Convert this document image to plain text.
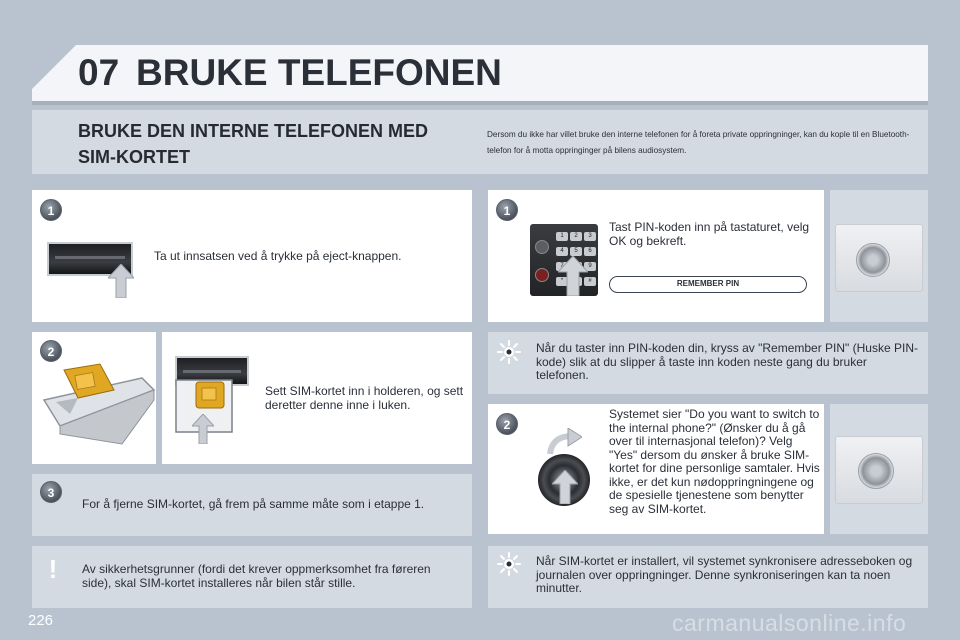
07 BRUKE TELEFONEN
BRUKE DEN INTERNE TELEFONEN MED
SIM-KORTET
Dersom du ikke har villet bruke den interne telefonen for å foreta private oppringninger, kan du kople til en Bluetooth-telefon for å motta oppringinger på bilens audiosystem.
1
Ta ut innsatsen ved å trykke på eject-knappen.
2
Sett SIM-kortet inn i holderen, og sett deretter denne inne i luken.
3
For å fjerne SIM-kortet, gå frem på samme måte som i etappe 1.
!	Av sikkerhetsgrunner (fordi det krever oppmerksomhet fra føreren side), skal SIM-kortet installeres når bilen står stille.
1
1	2	3
4	5	6
7	9
*	#
Tast PIN-koden inn på tastaturet, velg OK og bekreft.
REMEMBER PIN
Når du taster inn PIN-koden din, kryss av "Remember PIN" (Huske PIN-kode) slik at du slipper å taste inn koden neste gang du bruker telefonen.
2
Systemet sier "Do you want to switch to the internal phone?" (Ønsker du å gå over til internasjonal telefon)? Velg "Yes" dersom du ønsker å bruke SIM-kortet for dine personlige samtaler. Hvis ikke, er det kun nødoppringningene og de spesielle tjenestene som benytter seg av SIM-kortet.
Når SIM-kortet er installert, vil systemet synkronisere adresseboken og journalen over oppringninger. Denne synkroniseringen kan ta noen minutter.
226	carmanualsonline.info
